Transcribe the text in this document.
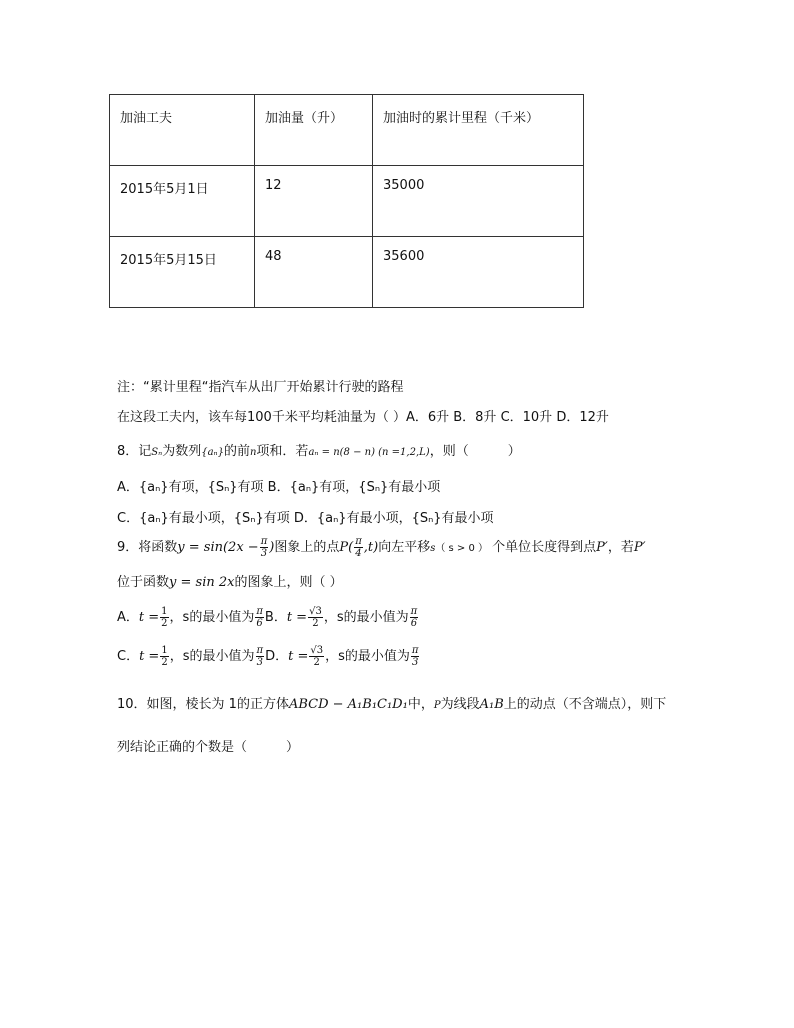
加油工夫	加油量（升）	加油时的累计里程（千米）
2015年5月1日	12	35000
2015年5月15日	48	35600
注：“累计里程“指汽车从出厂开始累计行驶的路程
在这段工夫内，该车每100千米平均耗油量为（ ）A．6升 B．8升 C．10升 D．12升
8．记Sₙ为数列{aₙ}的前n项和．若aₙ = n(8 − n) (n =1,2,L)，则（　　　）
A．{aₙ}有项，{Sₙ}有项 B．{aₙ}有项，{Sₙ}有最小项
C．{aₙ}有最小项，{Sₙ}有项 D．{aₙ}有最小项，{Sₙ}有最小项
9．将函数$y = \sin(2x - \frac{\pi}{3}$ )图象上的点$P( \frac{\pi}{4} ,t)$向左平移s（ s > 0 ） 个单位长度得到点P′，若P′
位于函数y = sin 2x的图象上，则（ ）
A．$t = \frac{1}{2}$ ，s的最小值为 $\frac{\pi}{6}$ B．$t = \frac{√3}{2}$ ，s的最小值为 $\frac{\pi}{6}$
C．$t = \frac{1}{2}$ ，s的最小值为 $\frac{\pi}{3}$ D．$t = \frac{√3}{2}$ ，s的最小值为 $\frac{\pi}{3}$
10．如图，棱长为 1的正方体ABCD − A₁B₁C₁D₁中，P为线段A₁B上的动点（不含端点），则下
列结论正确的个数是（　　　）
